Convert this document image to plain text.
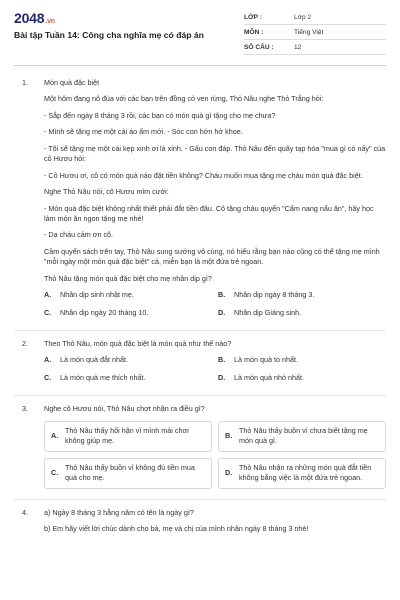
2048.vn
Bài tập Tuần 14: Công cha nghĩa mẹ có đáp án
LỚP :	Lớp 2
MÔN :	Tiếng Việt
SỐ CÂU :	12
1.	Món quà đặc biệt

Một hôm đang nô đùa với các bạn trên đồng cỏ ven rừng, Thỏ Nâu nghe Thỏ Trắng hỏi:

- Sắp đến ngày 8 tháng 3 rồi, các bạn có món quà gì tặng cho mẹ chưa?

- Mình sẽ tặng mẹ một cái áo ấm mới. - Sóc con hớn hở khoe.

- Tôi sẽ tặng mẹ một cái kẹp xinh ơi là xinh. - Gấu con đáp. Thỏ Nâu đến quây tạp hóa "mua gì có nấy" của cô Hươu hỏi:

- Cô Hươu ơi, cô có món quà nào đặt tiền không? Cháu muốn mua tặng mẹ cháu món quà đặc biệt.

Nghe Thỏ Nâu nói, cô Hươu mỉm cười:

- Món quà đặc biệt không nhất thiết phải đắt tiền đâu. Cô tặng cháu quyển "Cẩm nang nấu ăn", hãy học làm món ăn ngon tặng mẹ nhé!

- Dạ cháu cảm ơn cô.

Cầm quyển sách trên tay, Thỏ Nâu sung sướng vô cùng, nó hiểu rằng bạn nào cũng có thể tặng mẹ mình "mỗi ngày một món quà đặc biệt" cả, miễn bạn là một đứa trẻ ngoan.

Thỏ Nâu tặng món quà đặc biệt cho mẹ nhân dịp gì?

A.	Nhân dịp sinh nhật mẹ.	B.	Nhân dịp ngày 8 tháng 3.
C.	Nhân dịp ngày 20 tháng 10.	D.	Nhân dịp Giáng sinh.
2.	Theo Thỏ Nâu, món quà đặc biệt là món quà như thế nào?

A.	Là món quà đắt nhất.	B.	Là món quà to nhất.
C.	Là món quà mẹ thích nhất.	D.	Là món quà nhỏ nhất.
3.	Nghe cô Hươu nói, Thỏ Nâu chợt nhận ra điều gì?

A.
Thỏ Nâu thấy hối hận vì mình mải chơi không giúp mẹ.
B.
Thỏ Nâu thấy buồn vì chưa biết tặng mẹ món quà gì.
C.
Thỏ Nâu thấy buồn vì không đủ tiền mua quà cho mẹ.
D.
Thỏ Nâu nhận ra những món quà đắt tiền không bằng việc là một đứa trẻ ngoan.
4.	a) Ngày 8 tháng 3 hằng năm có tên là ngày gì?

b) Em hãy viết lời chúc dành cho bà, mẹ và chị của mình nhân ngày 8 tháng 3 nhé!
